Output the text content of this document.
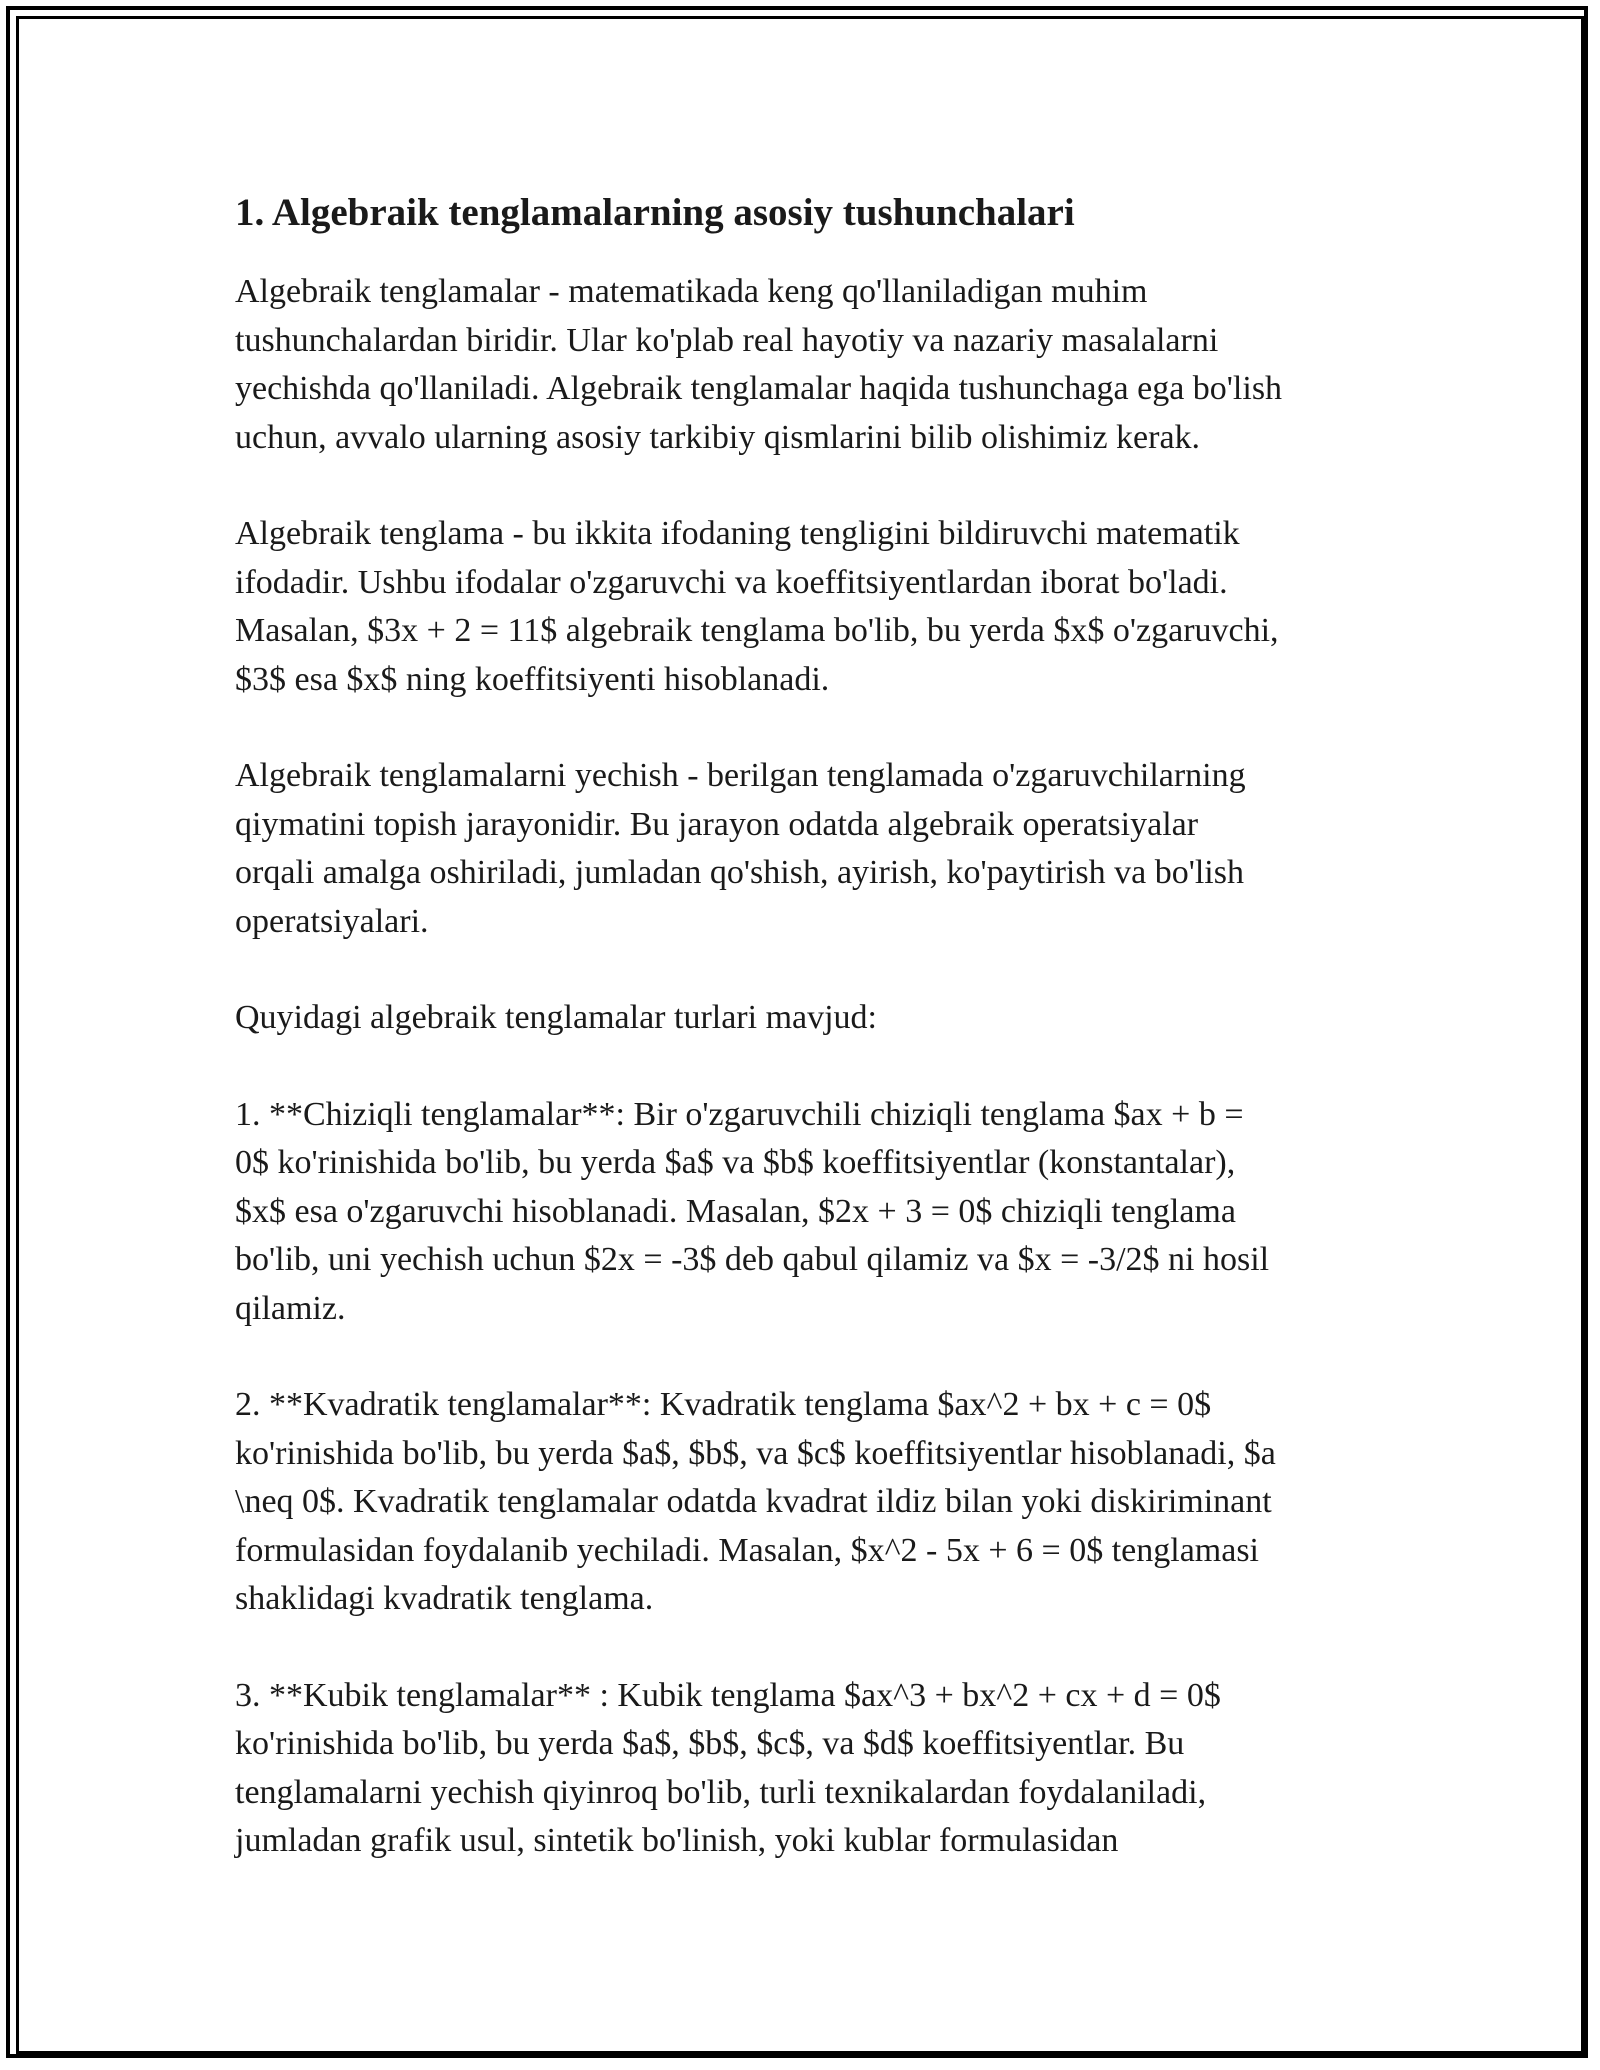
1. Algebraik tenglamalarning asosiy tushunchalari

Algebraik tenglamalar - matematikada keng qo'llaniladigan muhim
tushunchalardan biridir. Ular ko'plab real hayotiy va nazariy masalalarni
yechishda qo'llaniladi. Algebraik tenglamalar haqida tushunchaga ega bo'lish
uchun, avvalo ularning asosiy tarkibiy qismlarini bilib olishimiz kerak.

Algebraik tenglama - bu ikkita ifodaning tengligini bildiruvchi matematik
ifodadir. Ushbu ifodalar o'zgaruvchi va koeffitsiyentlardan iborat bo'ladi.
Masalan, $3x + 2 = 11$ algebraik tenglama bo'lib, bu yerda $x$ o'zgaruvchi,
$3$ esa $x$ ning koeffitsiyenti hisoblanadi.

Algebraik tenglamalarni yechish - berilgan tenglamada o'zgaruvchilarning
qiymatini topish jarayonidir. Bu jarayon odatda algebraik operatsiyalar
orqali amalga oshiriladi, jumladan qo'shish, ayirish, ko'paytirish va bo'lish
operatsiyalari.

Quyidagi algebraik tenglamalar turlari mavjud:

1. **Chiziqli tenglamalar**: Bir o'zgaruvchili chiziqli tenglama $ax + b =
0$ ko'rinishida bo'lib, bu yerda $a$ va $b$ koeffitsiyentlar (konstantalar),
$x$ esa o'zgaruvchi hisoblanadi. Masalan, $2x + 3 = 0$ chiziqli tenglama
bo'lib, uni yechish uchun $2x = -3$ deb qabul qilamiz va $x = -3/2$ ni hosil
qilamiz.

2. **Kvadratik tenglamalar**: Kvadratik tenglama $ax^2 + bx + c = 0$
ko'rinishida bo'lib, bu yerda $a$, $b$, va $c$ koeffitsiyentlar hisoblanadi, $a
\neq 0$. Kvadratik tenglamalar odatda kvadrat ildiz bilan yoki diskiriminant
formulasidan foydalanib yechiladi. Masalan, $x^2 - 5x + 6 = 0$ tenglamasi
shaklidagi kvadratik tenglama.

3. **Kubik tenglamalar** : Kubik tenglama $ax^3 + bx^2 + cx + d = 0$
ko'rinishida bo'lib, bu yerda $a$, $b$, $c$, va $d$ koeffitsiyentlar. Bu
tenglamalarni yechish qiyinroq bo'lib, turli texnikalardan foydalaniladi,
jumladan grafik usul, sintetik bo'linish, yoki kublar formulasidan
